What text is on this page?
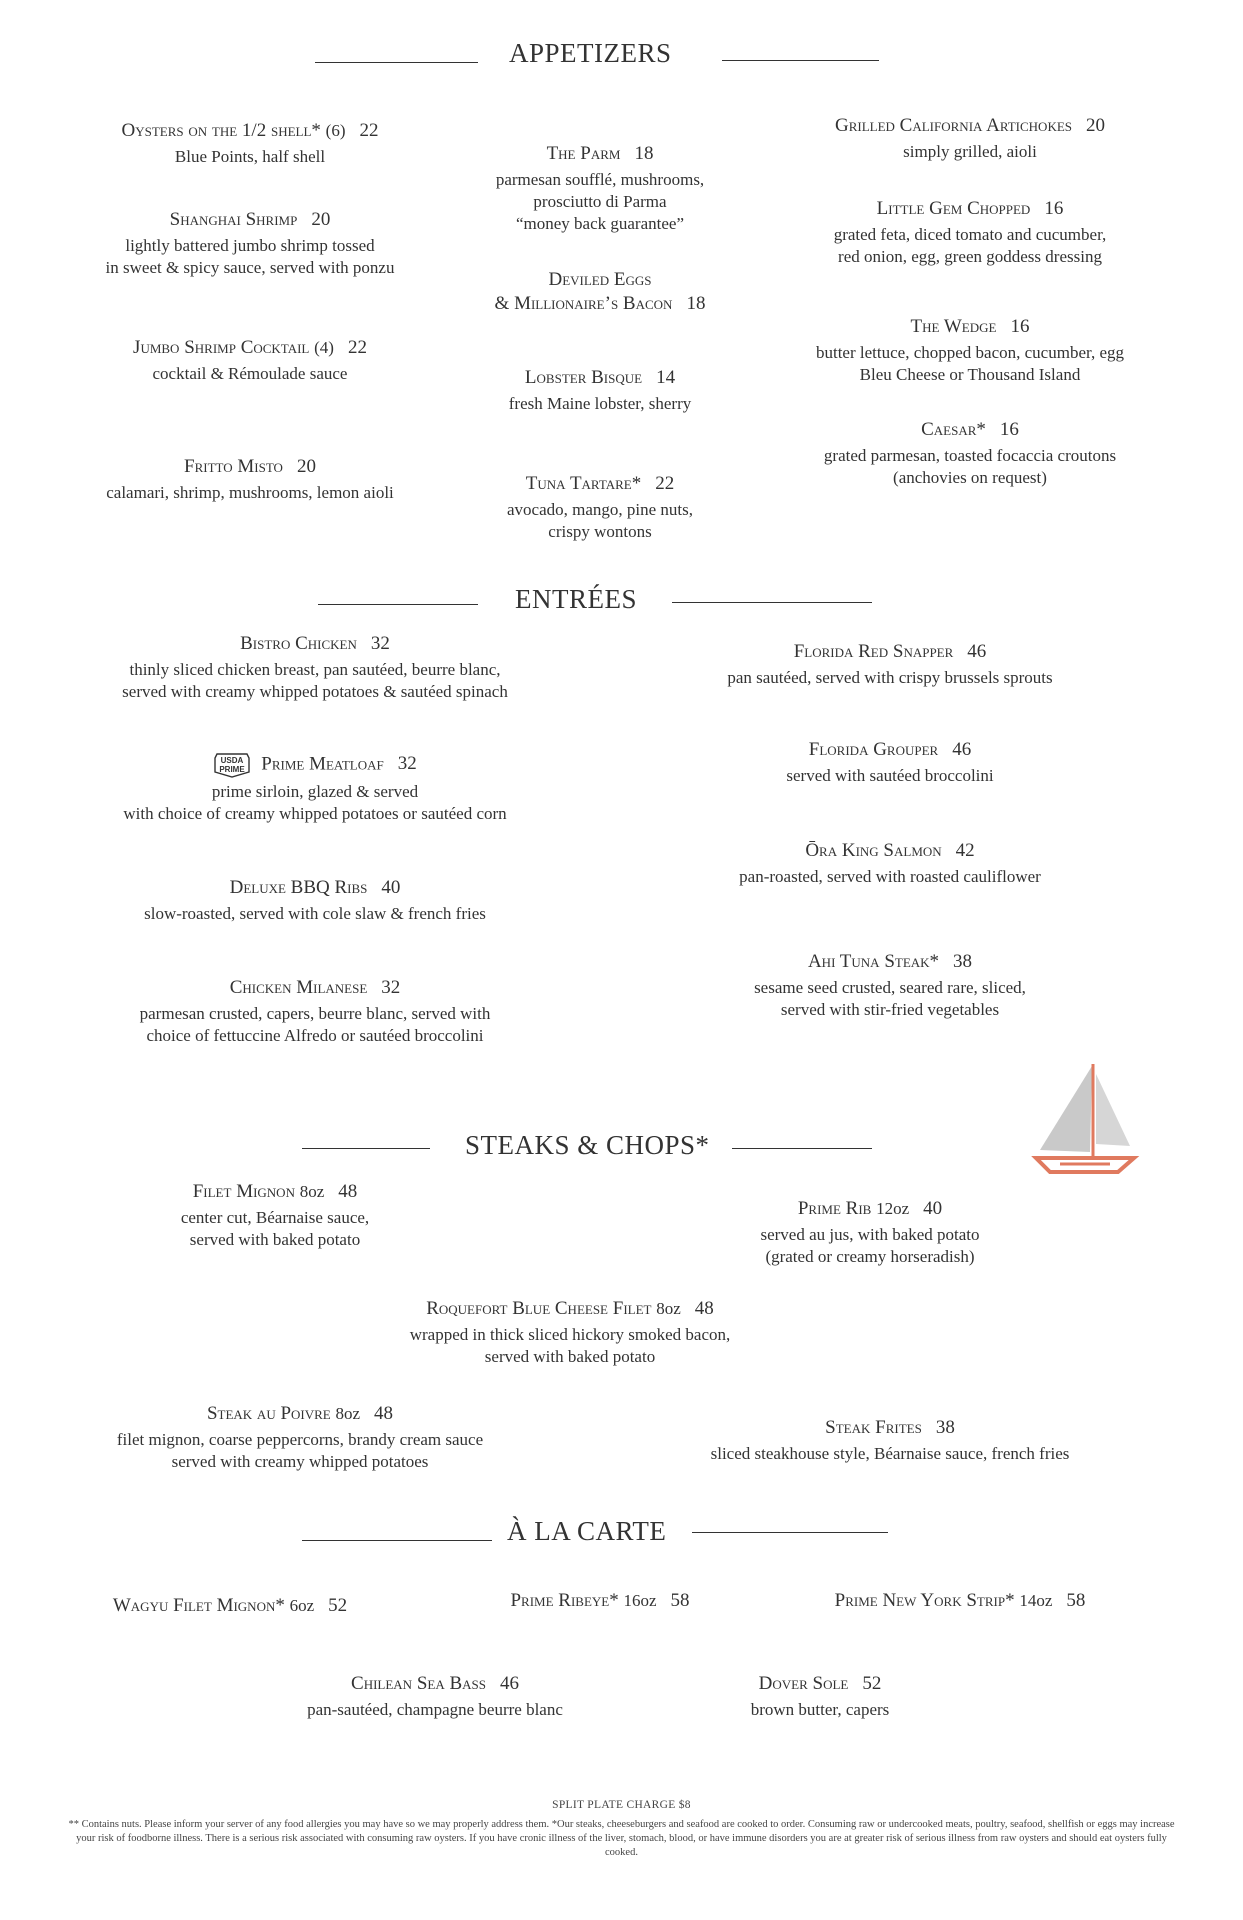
APPETIZERS
ENTRÉES
STEAKS & CHOPS*
À LA CARTE
Oysters on the 1/2 shell* (6) 22
Blue Points, half shell
Shanghai Shrimp 20
lightly battered jumbo shrimp tossed
in sweet & spicy sauce, served with ponzu
Jumbo Shrimp Cocktail (4) 22
cocktail & Rémoulade sauce
Fritto Misto 20
calamari, shrimp, mushrooms, lemon aioli
The Parm 18
parmesan soufflé, mushrooms,
prosciutto di Parma
“money back guarantee”
Deviled Eggs
& Millionaire’s Bacon 18
Lobster Bisque 14
fresh Maine lobster, sherry
Tuna Tartare* 22
avocado, mango, pine nuts,
crispy wontons
Grilled California Artichokes 20
simply grilled, aioli
Little Gem Chopped 16
grated feta, diced tomato and cucumber,
red onion, egg, green goddess dressing
The Wedge 16
butter lettuce, chopped bacon, cucumber, egg
Bleu Cheese or Thousand Island
Caesar* 16
grated parmesan, toasted focaccia croutons
(anchovies on request)
Bistro Chicken 32
thinly sliced chicken breast, pan sautéed, beurre blanc,
served with creamy whipped potatoes & sautéed spinach
USDA
PRIME Prime Meatloaf 32
prime sirloin, glazed & served
with choice of creamy whipped potatoes or sautéed corn
Deluxe BBQ Ribs 40
slow-roasted, served with cole slaw & french fries
Chicken Milanese 32
parmesan crusted, capers, beurre blanc, served with
choice of fettuccine Alfredo or sautéed broccolini
Florida Red Snapper 46
pan sautéed, served with crispy brussels sprouts
Florida Grouper 46
served with sautéed broccolini
Ōra King Salmon 42
pan-roasted, served with roasted cauliflower
Ahi Tuna Steak* 38
sesame seed crusted, seared rare, sliced,
served with stir-fried vegetables
Filet Mignon 8oz 48
center cut, Béarnaise sauce,
served with baked potato
Prime Rib 12oz 40
served au jus, with baked potato
(grated or creamy horseradish)
Roquefort Blue Cheese Filet 8oz 48
wrapped in thick sliced hickory smoked bacon,
served with baked potato
Steak au Poivre 8oz 48
filet mignon, coarse peppercorns, brandy cream sauce
served with creamy whipped potatoes
Steak Frites 38
sliced steakhouse style, Béarnaise sauce, french fries
Wagyu Filet Mignon* 6oz 52	Prime Ribeye* 16oz 58	Prime New York Strip* 14oz 58
Chilean Sea Bass 46
pan-sautéed, champagne beurre blanc
Dover Sole 52
brown butter, capers
SPLIT PLATE CHARGE $8
** Contains nuts. Please inform your server of any food allergies you may have so we may properly address them. *Our steaks, cheeseburgers and seafood are cooked to order. Consuming raw or undercooked meats, poultry, seafood, shellfish or eggs may increase your risk of foodborne illness. There is a serious risk associated with consuming raw oysters. If you have cronic illness of the liver, stomach, blood, or have immune disorders you are at greater risk of serious illness from raw oysters and should eat oysters fully cooked.
